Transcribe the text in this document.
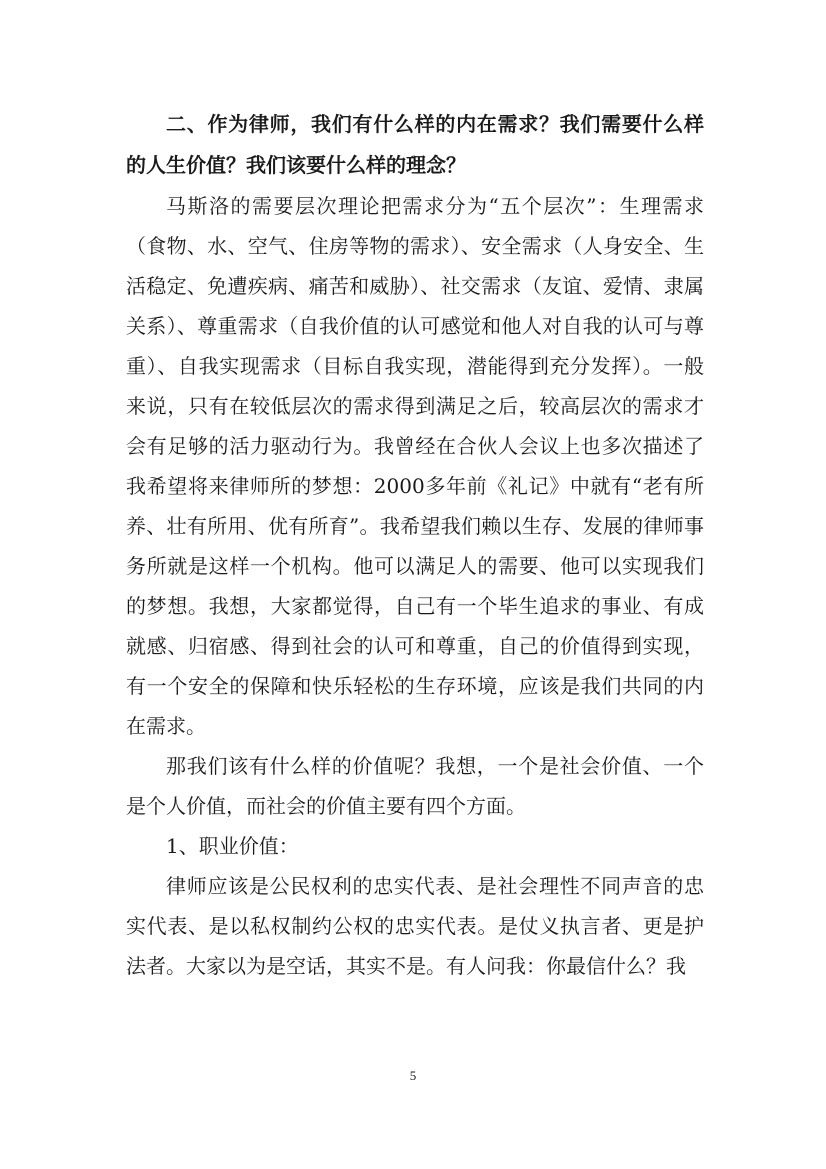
二、作为律师，我们有什么样的内在需求？我们需要什么样的人生价值？我们该要什么样的理念？

马斯洛的需要层次理论把需求分为“五个层次”：生理需求（食物、水、空气、住房等物的需求）、安全需求（人身安全、生活稳定、免遭疾病、痛苦和威胁）、社交需求（友谊、爱情、隶属关系）、尊重需求（自我价值的认可感觉和他人对自我的认可与尊重）、自我实现需求（目标自我实现，潜能得到充分发挥）。一般来说，只有在较低层次的需求得到满足之后，较高层次的需求才会有足够的活力驱动行为。我曾经在合伙人会议上也多次描述了我希望将来律师所的梦想：2000多年前《礼记》中就有“老有所养、壮有所用、优有所育”。我希望我们赖以生存、发展的律师事务所就是这样一个机构。他可以满足人的需要、他可以实现我们的梦想。我想，大家都觉得，自己有一个毕生追求的事业、有成就感、归宿感、得到社会的认可和尊重，自己的价值得到实现，有一个安全的保障和快乐轻松的生存环境，应该是我们共同的内在需求。

那我们该有什么样的价值呢？我想，一个是社会价值、一个是个人价值，而社会的价值主要有四个方面。

1、职业价值：

律师应该是公民权利的忠实代表、是社会理性不同声音的忠实代表、是以私权制约公权的忠实代表。是仗义执言者、更是护法者。大家以为是空话，其实不是。有人问我：你最信什么？我

5
